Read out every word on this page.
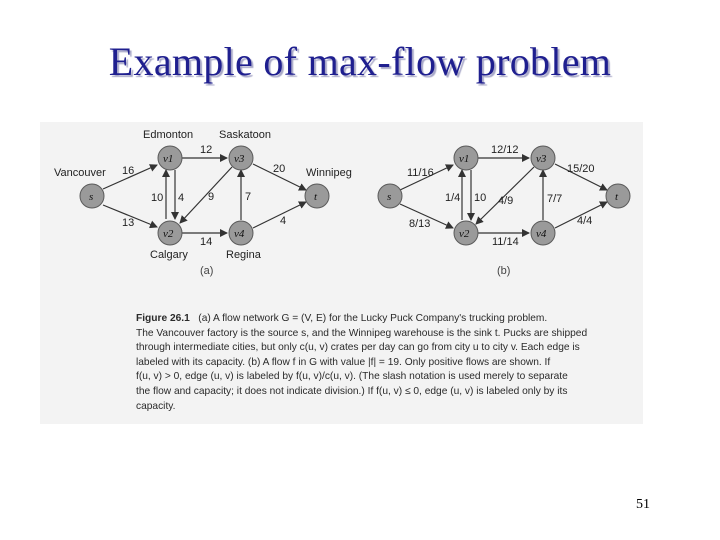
Example of max-flow problem
s
v1
v2
v3
v4
t
Edmonton Saskatoon
Vancouver	Winnipeg
Calgary	Regina
16
13
12
10 4 9
14
7
20
4
(a)
s
v1
v2
v3
v4
t
11/16
8/13
12/12
1/4 10 4/9
11/14
7/7
15/20
4/4
(b)
Figure 26.1 (a) A flow network G = (V, E) for the Lucky Puck Company's trucking problem.
The Vancouver factory is the source s, and the Winnipeg warehouse is the sink t. Pucks are shipped
through intermediate cities, but only c(u, v) crates per day can go from city u to city v. Each edge is
labeled with its capacity. (b) A flow f in G with value |f| = 19. Only positive flows are shown. If
f(u, v) > 0, edge (u, v) is labeled by f(u, v)/c(u, v). (The slash notation is used merely to separate
the flow and capacity; it does not indicate division.) If f(u, v) ≤ 0, edge (u, v) is labeled only by its
capacity.
51
